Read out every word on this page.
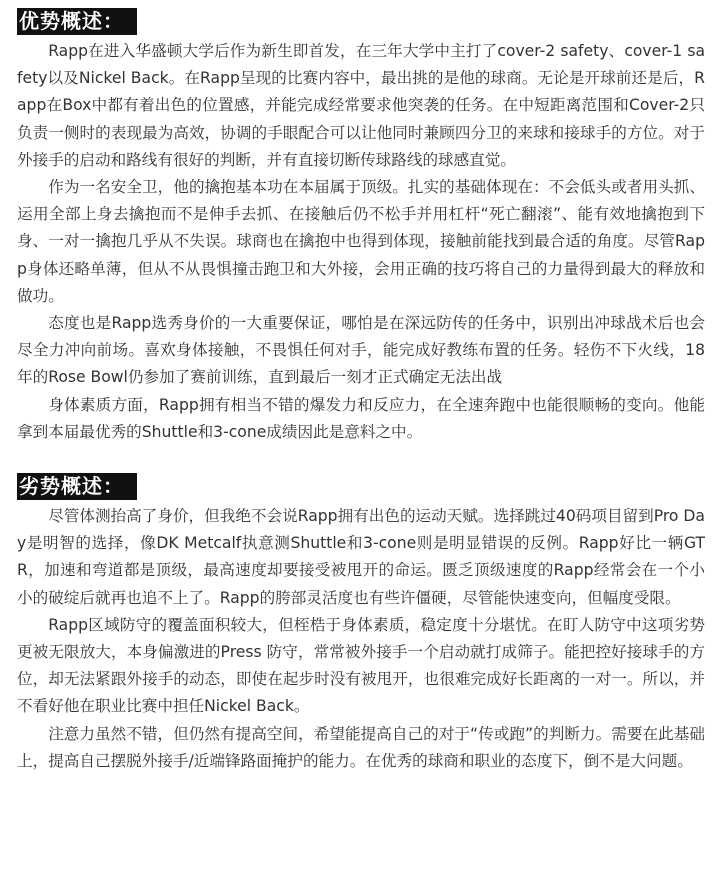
优势概述：

Rapp在进入华盛顿大学后作为新生即首发，在三年大学中主打了cover-2 safety、cover-1 safety以及Nickel Back。在Rapp呈现的比赛内容中，最出挑的是他的球商。无论是开球前还是后，Rapp在Box中都有着出色的位置感，并能完成经常要求他突袭的任务。在中短距离范围和Cover-2只负责一侧时的表现最为高效，协调的手眼配合可以让他同时兼顾四分卫的来球和接球手的方位。对于外接手的启动和路线有很好的判断，并有直接切断传球路线的球感直觉。

作为一名安全卫，他的擒抱基本功在本届属于顶级。扎实的基础体现在：不会低头或者用头抓、运用全部上身去擒抱而不是伸手去抓、在接触后仍不松手并用杠杆“死亡翻滚”、能有效地擒抱到下身、一对一擒抱几乎从不失误。球商也在擒抱中也得到体现，接触前能找到最合适的角度。尽管Rapp身体还略单薄，但从不从畏惧撞击跑卫和大外接，会用正确的技巧将自己的力量得到最大的释放和做功。

态度也是Rapp选秀身价的一大重要保证，哪怕是在深远防传的任务中，识别出冲球战术后也会尽全力冲向前场。喜欢身体接触，不畏惧任何对手，能完成好教练布置的任务。轻伤不下火线，18年的Rose Bowl仍参加了赛前训练，直到最后一刻才正式确定无法出战

身体素质方面，Rapp拥有相当不错的爆发力和反应力，在全速奔跑中也能很顺畅的变向。他能拿到本届最优秀的Shuttle和3-cone成绩因此是意料之中。

劣势概述：

尽管体测抬高了身价，但我绝不会说Rapp拥有出色的运动天赋。选择跳过40码项目留到Pro Day是明智的选择，像DK Metcalf执意测Shuttle和3-cone则是明显错误的反例。Rapp好比一辆GTR，加速和弯道都是顶级，最高速度却要接受被甩开的命运。匮乏顶级速度的Rapp经常会在一个小小的破绽后就再也追不上了。Rapp的胯部灵活度也有些许僵硬，尽管能快速变向，但幅度受限。

Rapp区域防守的覆盖面积较大，但桎梏于身体素质，稳定度十分堪忧。在盯人防守中这项劣势更被无限放大，本身偏激进的Press 防守，常常被外接手一个启动就打成筛子。能把控好接球手的方位，却无法紧跟外接手的动态，即使在起步时没有被甩开，也很难完成好长距离的一对一。所以，并不看好他在职业比赛中担任Nickel Back。

注意力虽然不错，但仍然有提高空间，希望能提高自己的对于“传或跑”的判断力。需要在此基础上，提高自己摆脱外接手/近端锋路面掩护的能力。在优秀的球商和职业的态度下，倒不是大问题。
